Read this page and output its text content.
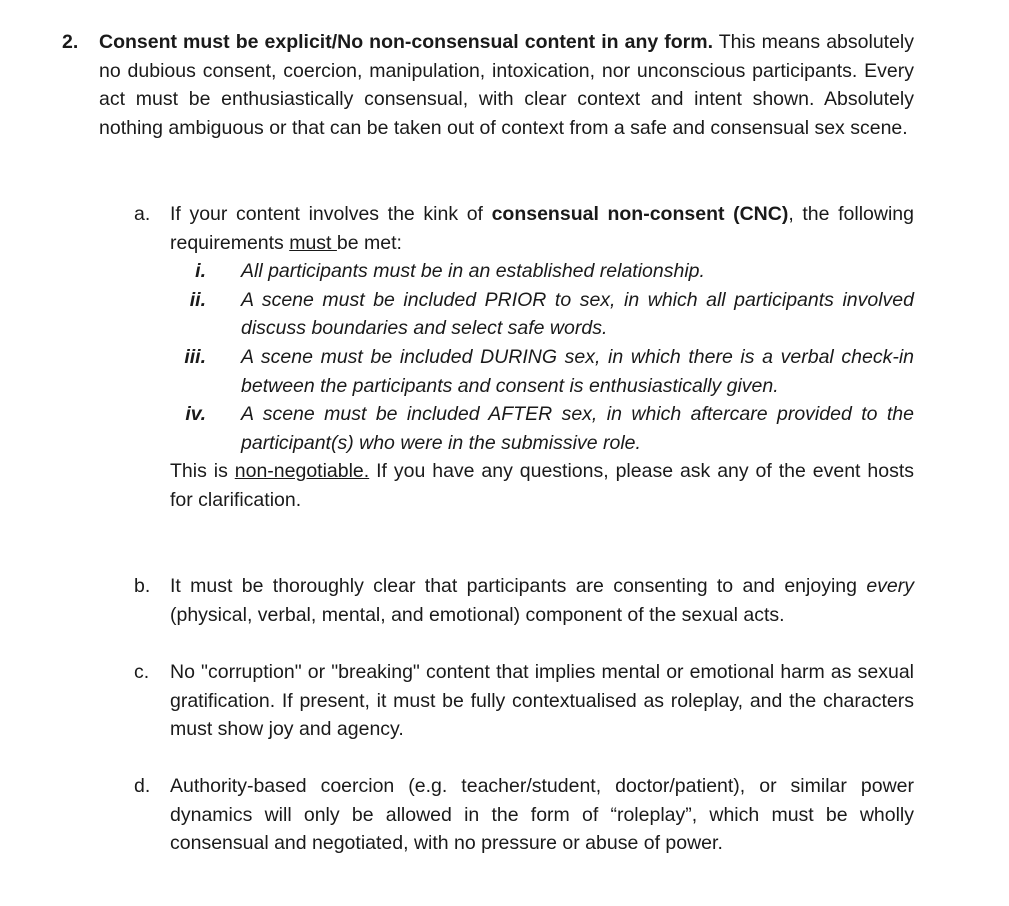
2. Consent must be explicit/No non-consensual content in any form. This means absolutely no dubious consent, coercion, manipulation, intoxication, nor unconscious participants. Every act must be enthusiastically consensual, with clear context and intent shown. Absolutely nothing ambiguous or that can be taken out of context from a safe and consensual sex scene.
a. If your content involves the kink of consensual non-consent (CNC), the following requirements must be met:
i. All participants must be in an established relationship.
ii. A scene must be included PRIOR to sex, in which all participants involved discuss boundaries and select safe words.
iii. A scene must be included DURING sex, in which there is a verbal check-in between the participants and consent is enthusiastically given.
iv. A scene must be included AFTER sex, in which aftercare provided to the participant(s) who were in the submissive role.
This is non-negotiable. If you have any questions, please ask any of the event hosts for clarification.
b. It must be thoroughly clear that participants are consenting to and enjoying every (physical, verbal, mental, and emotional) component of the sexual acts.
c. No "corruption" or "breaking" content that implies mental or emotional harm as sexual gratification. If present, it must be fully contextualised as roleplay, and the characters must show joy and agency.
d. Authority-based coercion (e.g. teacher/student, doctor/patient), or similar power dynamics will only be allowed in the form of “roleplay”, which must be wholly consensual and negotiated, with no pressure or abuse of power.
